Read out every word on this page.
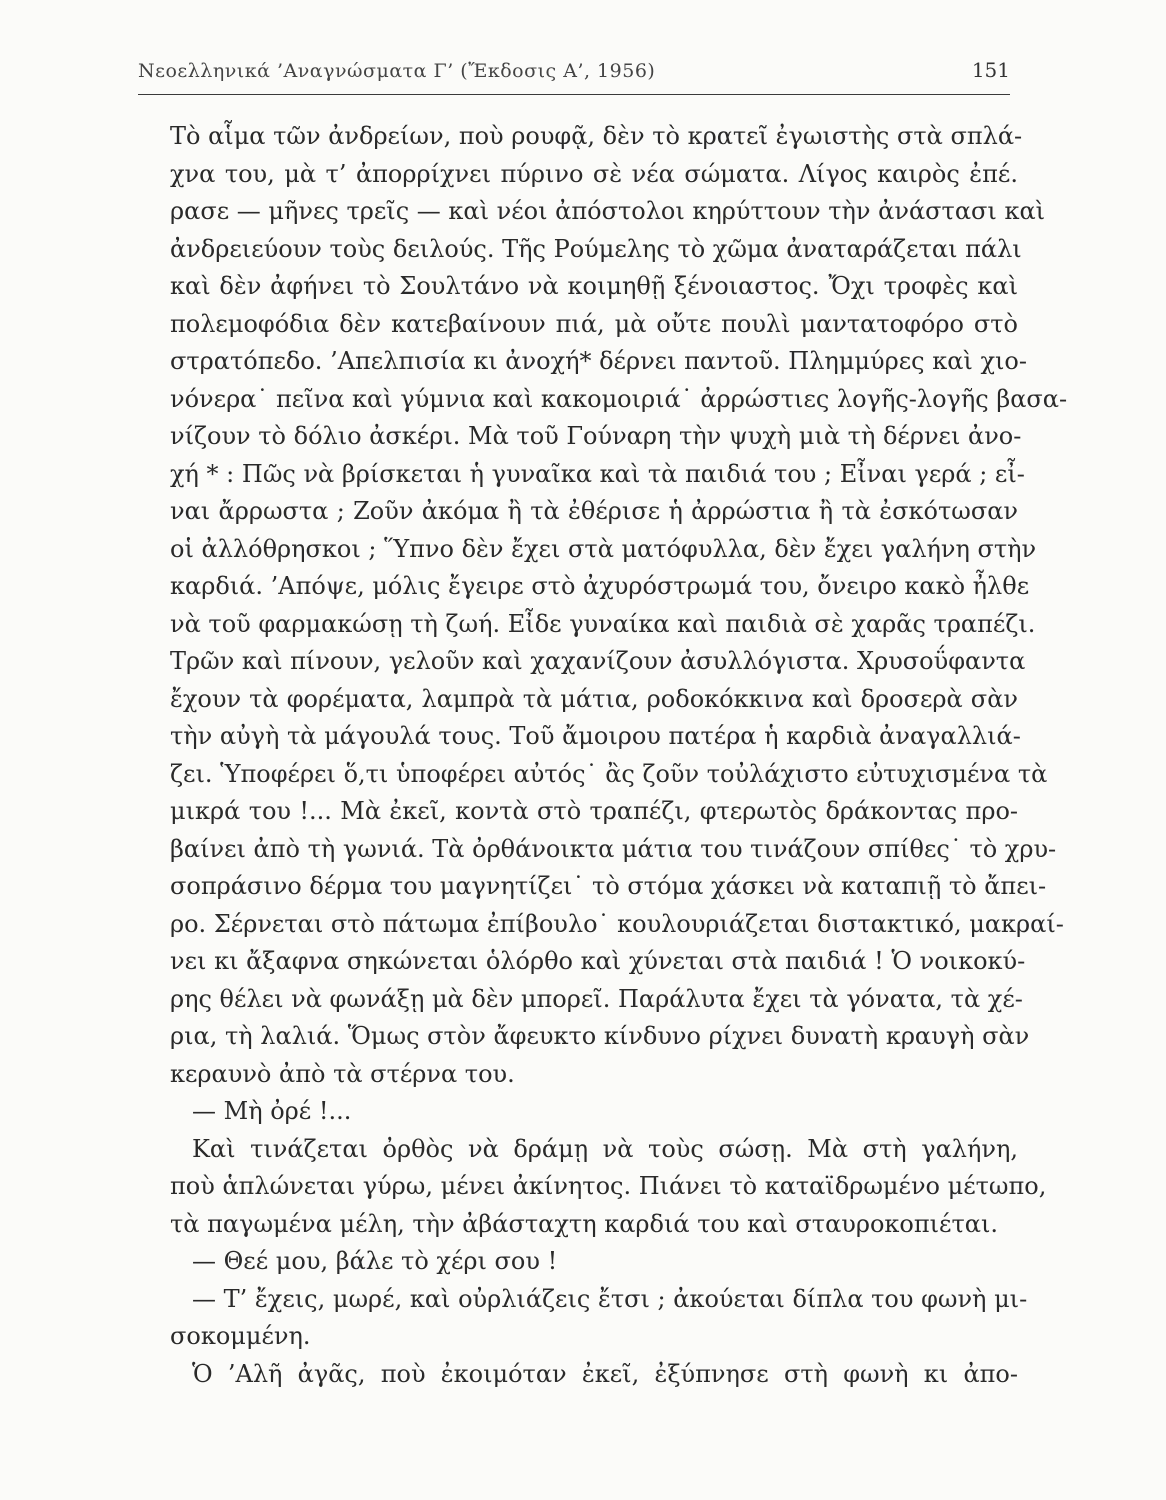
Νεοελληνικά ’Αναγνώσματα Γ’ (Ἔκδοσις Α’, 1956)	151
Τὸ αἷμα τῶν ἀνδρείων, ποὺ ρουφᾷ, δὲν τὸ κρατεῖ ἐγωιστὴς στὰ σπλά-
χνα του, μὰ τ’ ἀπορρίχνει πύρινο σὲ νέα σώματα. Λίγος καιρὸς ἐπέ.
ρασε — μῆνες τρεῖς — καὶ νέοι ἀπόστολοι κηρύττουν τὴν ἀνάστασι καὶ
ἀνδρειεύουν τοὺς δειλούς. Τῆς Ρούμελης τὸ χῶμα ἀναταράζεται πάλι
καὶ δὲν ἀφήνει τὸ Σουλτάνο νὰ κοιμηθῇ ξένοιαστος. Ὄχι τροφὲς καὶ
πολεμοφόδια δὲν κατεβαίνουν πιά, μὰ οὔτε πουλὶ μαντατοφόρο στὸ
στρατόπεδο. ’Απελπισία κι ἀνοχή* δέρνει παντοῦ. Πλημμύρες καὶ χιο-
νόνερα˙ πεῖνα καὶ γύμνια καὶ κακομοιριά˙ ἀρρώστιες λογῆς-λογῆς βασα-
νίζουν τὸ δόλιο ἀσκέρι. Μὰ τοῦ Γούναρη τὴν ψυχὴ μιὰ τὴ δέρνει ἀνο-
χή * : Πῶς νὰ βρίσκεται ἡ γυναῖκα καὶ τὰ παιδιά του ; Εἶναι γερά ; εἶ-
ναι ἄρρωστα ; Ζοῦν ἀκόμα ἢ τὰ ἐθέρισε ἡ ἀρρώστια ἢ τὰ ἐσκότωσαν
οἱ ἀλλόθρησκοι ; Ὕπνο δὲν ἔχει στὰ ματόφυλλα, δὲν ἔχει γαλήνη στὴν
καρδιά. ’Απόψε, μόλις ἔγειρε στὸ ἀχυρόστρωμά του, ὄνειρο κακὸ ἦλθε
νὰ τοῦ φαρμακώσῃ τὴ ζωή. Εἶδε γυναίκα καὶ παιδιὰ σὲ χαρᾶς τραπέζι.
Τρῶν καὶ πίνουν, γελοῦν καὶ χαχανίζουν ἀσυλλόγιστα. Χρυσοΰφαντα
ἔχουν τὰ φορέματα, λαμπρὰ τὰ μάτια, ροδοκόκκινα καὶ δροσερὰ σὰν
τὴν αὐγὴ τὰ μάγουλά τους. Τοῦ ἄμοιρου πατέρα ἡ καρδιὰ ἀναγαλλιά-
ζει. Ὑποφέρει ὅ,τι ὑποφέρει αὐτός˙ ἂς ζοῦν τοὐλάχιστο εὐτυχισμένα τὰ
μικρά του !... Μὰ ἐκεῖ, κοντὰ στὸ τραπέζι, φτερωτὸς δράκοντας προ-
βαίνει ἀπὸ τὴ γωνιά. Τὰ ὀρθάνοικτα μάτια του τινάζουν σπίθες˙ τὸ χρυ-
σοπράσινο δέρμα του μαγνητίζει˙ τὸ στόμα χάσκει νὰ καταπιῇ τὸ ἄπει-
ρο. Σέρνεται στὸ πάτωμα ἐπίβουλο˙ κουλουριάζεται διστακτικό, μακραί-
νει κι ἄξαφνα σηκώνεται ὁλόρθο καὶ χύνεται στὰ παιδιά ! Ὁ νοικοκύ-
ρης θέλει νὰ φωνάξῃ μὰ δὲν μπορεῖ. Παράλυτα ἔχει τὰ γόνατα, τὰ χέ-
ρια, τὴ λαλιά. Ὅμως στὸν ἄφευκτο κίνδυνο ρίχνει δυνατὴ κραυγὴ σὰν
κεραυνὸ ἀπὸ τὰ στέρνα του.
— Μὴ ὀρέ !...
Καὶ τινάζεται ὀρθὸς νὰ δράμῃ νὰ τοὺς σώσῃ. Μὰ στὴ γαλήνη,
ποὺ ἁπλώνεται γύρω, μένει ἀκίνητος. Πιάνει τὸ καταϊδρωμένο μέτωπο,
τὰ παγωμένα μέλη, τὴν ἀβάσταχτη καρδιά του καὶ σταυροκοπιέται.
— Θεέ μου, βάλε τὸ χέρι σου !
— Τ’ ἔχεις, μωρέ, καὶ οὐρλιάζεις ἔτσι ; ἀκούεται δίπλα του φωνὴ μι-
σοκομμένη.
Ὁ ’Αλῆ ἀγᾶς, ποὺ ἐκοιμόταν ἐκεῖ, ἐξύπνησε στὴ φωνὴ κι ἀπο-
